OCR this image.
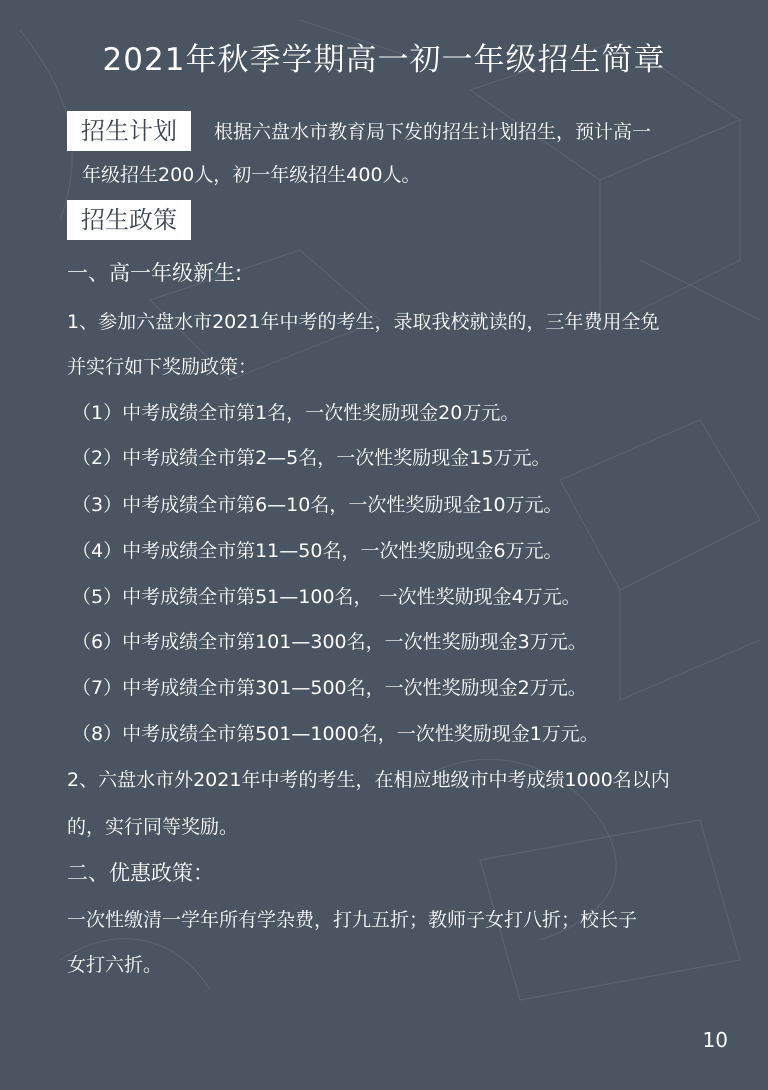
2021年秋季学期高一初一年级招生简章
招生计划	根据六盘水市教育局下发的招生计划招生，预计高一
年级招生200人，初一年级招生400人。
招生政策
一、高一年级新生:
1、参加六盘水市2021年中考的考生，录取我校就读的，三年费用全免
并实行如下奖励政策：
（1）中考成绩全市第1名，一次性奖励现金20万元。
（2）中考成绩全市第2—5名，一次性奖励现金15万元。
（3）中考成绩全市第6—10名，一次性奖励现金10万元。
（4）中考成绩全市第11—50名，一次性奖励现金6万元。
（5）中考成绩全市第51—100名， 一次性奖勋现金4万元。
（6）中考成绩全市第101—300名，一次性奖励现金3万元。
（7）中考成绩全市第301—500名，一次性奖励现金2万元。
（8）中考成绩全市第501—1000名，一次性奖励现金1万元。
2、六盘水市外2021年中考的考生，在相应地级市中考成绩1000名以内
的，实行同等奖励。
二、优惠政策：
一次性缴清一学年所有学杂费，打九五折；教师子女打八折；校长子
女打六折。
10
